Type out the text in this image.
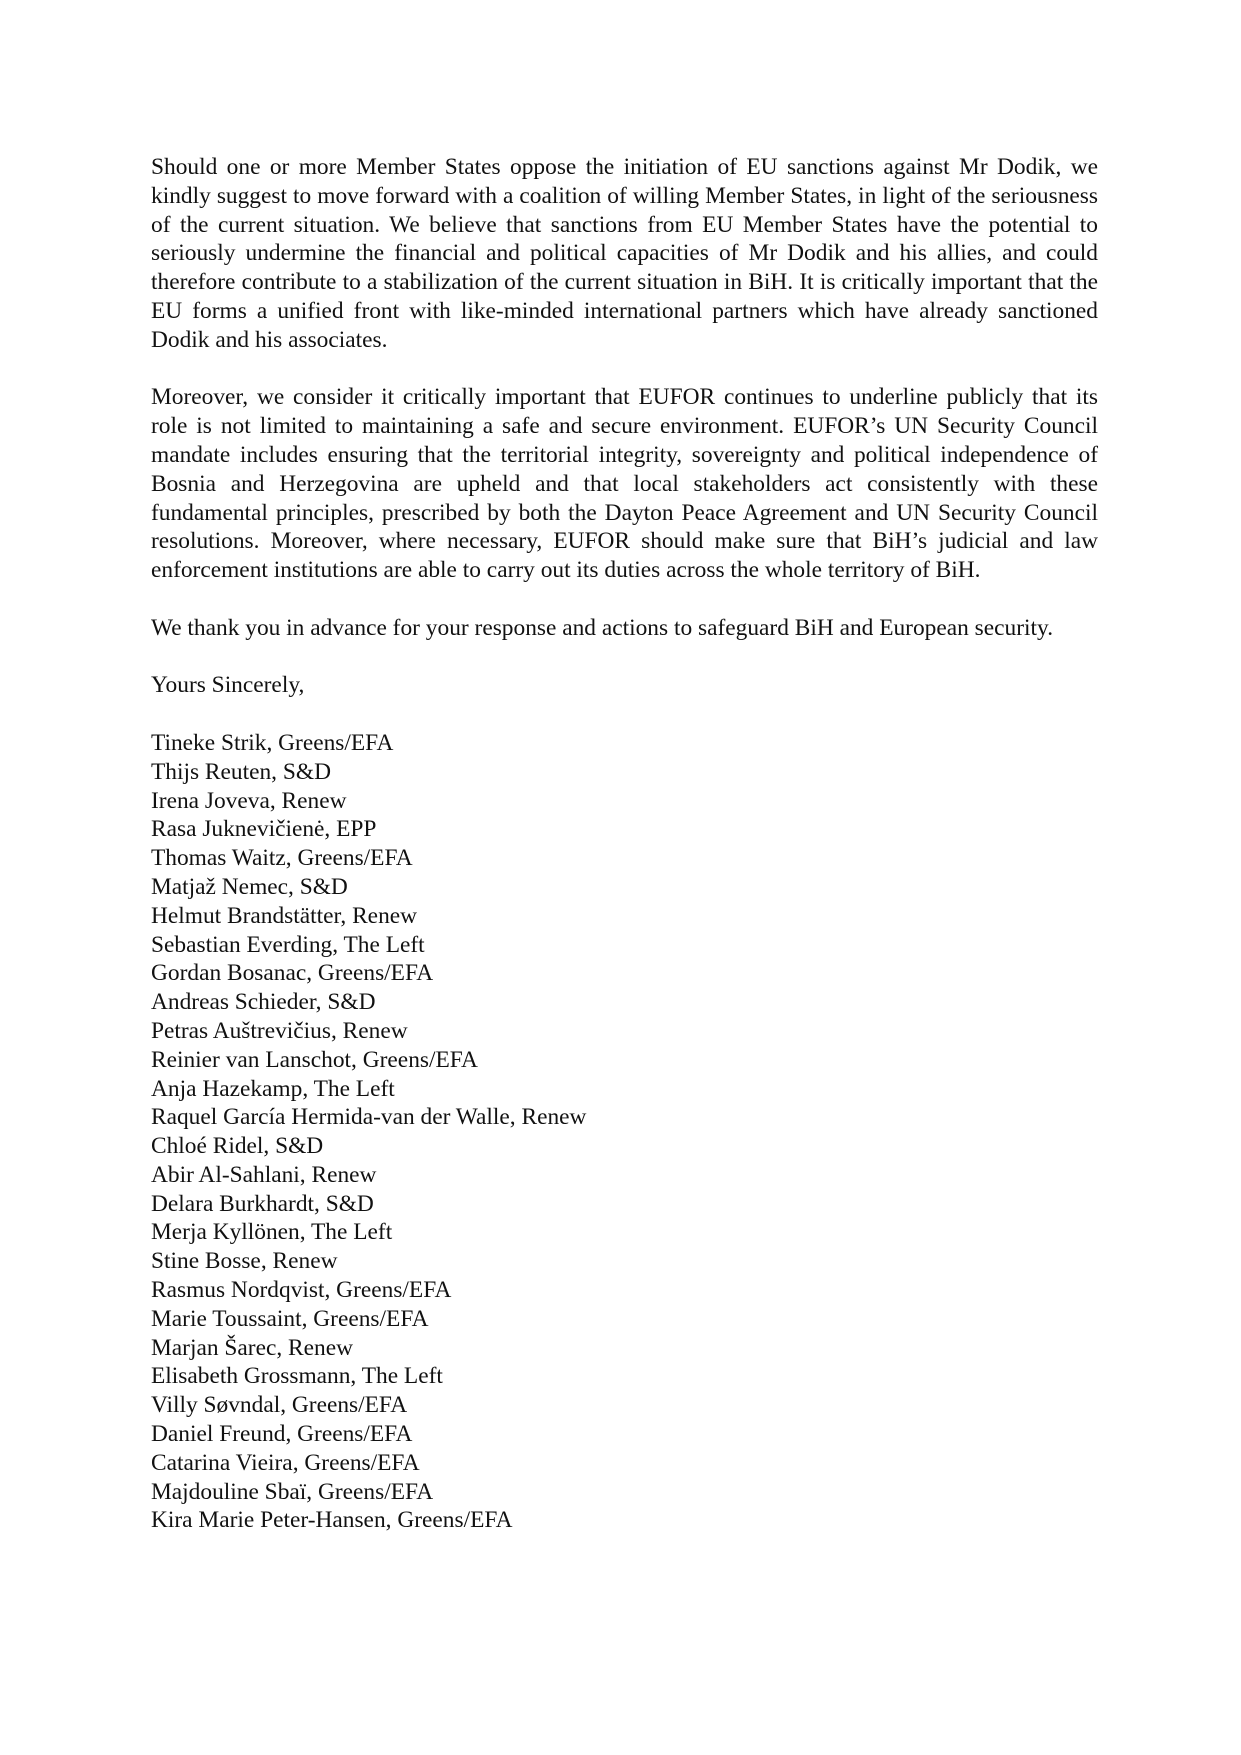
Should one or more Member States oppose the initiation of EU sanctions against Mr Dodik, we kindly suggest to move forward with a coalition of willing Member States, in light of the seriousness of the current situation. We believe that sanctions from EU Member States have the potential to seriously undermine the financial and political capacities of Mr Dodik and his allies, and could therefore contribute to a stabilization of the current situation in BiH. It is critically important that the EU forms a unified front with like-minded international partners which have already sanctioned Dodik and his associates.

Moreover, we consider it critically important that EUFOR continues to underline publicly that its role is not limited to maintaining a safe and secure environment. EUFOR’s UN Security Council mandate includes ensuring that the territorial integrity, sovereignty and political independence of Bosnia and Herzegovina are upheld and that local stakeholders act consistently with these fundamental principles, prescribed by both the Dayton Peace Agreement and UN Security Council resolutions. Moreover, where necessary, EUFOR should make sure that BiH’s judicial and law enforcement institutions are able to carry out its duties across the whole territory of BiH.

We thank you in advance for your response and actions to safeguard BiH and European security.

Yours Sincerely,

Tineke Strik, Greens/EFA
Thijs Reuten, S&D
Irena Joveva, Renew
Rasa Juknevičienė, EPP
Thomas Waitz, Greens/EFA
Matjaž Nemec, S&D
Helmut Brandstätter, Renew
Sebastian Everding, The Left
Gordan Bosanac, Greens/EFA
Andreas Schieder, S&D
Petras Auštrevičius, Renew
Reinier van Lanschot, Greens/EFA
Anja Hazekamp, The Left
Raquel García Hermida-van der Walle, Renew
Chloé Ridel, S&D
Abir Al-Sahlani, Renew
Delara Burkhardt, S&D
Merja Kyllönen, The Left
Stine Bosse, Renew
Rasmus Nordqvist, Greens/EFA
Marie Toussaint, Greens/EFA
Marjan Šarec, Renew
Elisabeth Grossmann, The Left
Villy Søvndal, Greens/EFA
Daniel Freund, Greens/EFA
Catarina Vieira, Greens/EFA
Majdouline Sbaï, Greens/EFA
Kira Marie Peter-Hansen, Greens/EFA
